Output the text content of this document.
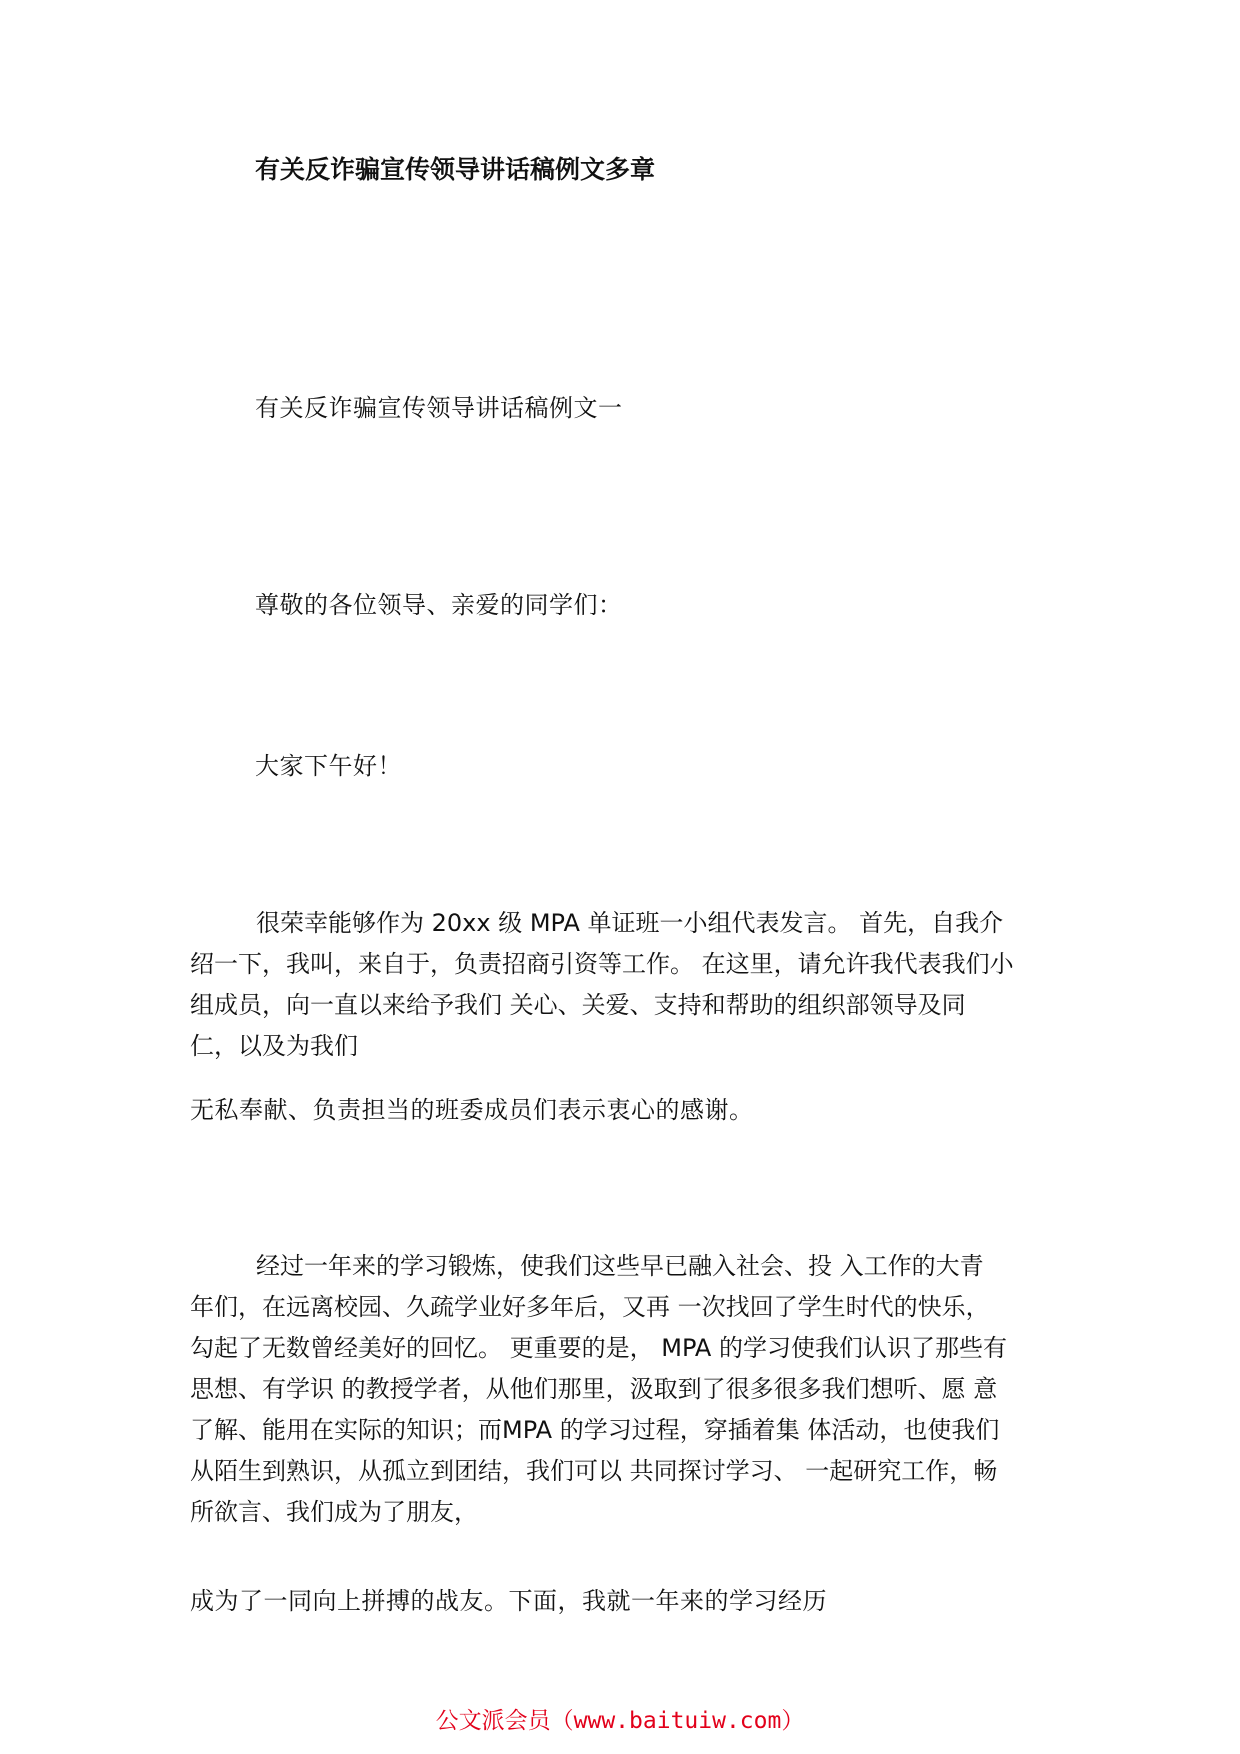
有关反诈骗宣传领导讲话稿例文多章
有关反诈骗宣传领导讲话稿例文一
尊敬的各位领导、亲爱的同学们：
大家下午好！
很荣幸能够作为 20xx 级 MPA 单证班一小组代表发言。 首先，自我介
绍一下，我叫，来自于，负责招商引资等工作。 在这里，请允许我代表我们小
组成员，向一直以来给予我们 关心、关爱、支持和帮助的组织部领导及同
仁，以及为我们
无私奉献、负责担当的班委成员们表示衷心的感谢。
经过一年来的学习锻炼，使我们这些早已融入社会、投 入工作的大青
年们，在远离校园、久疏学业好多年后，又再 一次找回了学生时代的快乐，
勾起了无数曾经美好的回忆。 更重要的是， MPA 的学习使我们认识了那些有
思想、有学识 的教授学者，从他们那里，汲取到了很多很多我们想听、愿 意
了解、能用在实际的知识；而MPA 的学习过程，穿插着集 体活动，也使我们
从陌生到熟识，从孤立到团结，我们可以 共同探讨学习、 一起研究工作，畅
所欲言、我们成为了朋友，
成为了一同向上拼搏的战友。下面，我就一年来的学习经历
公文派会员（www.baituiw.com）
